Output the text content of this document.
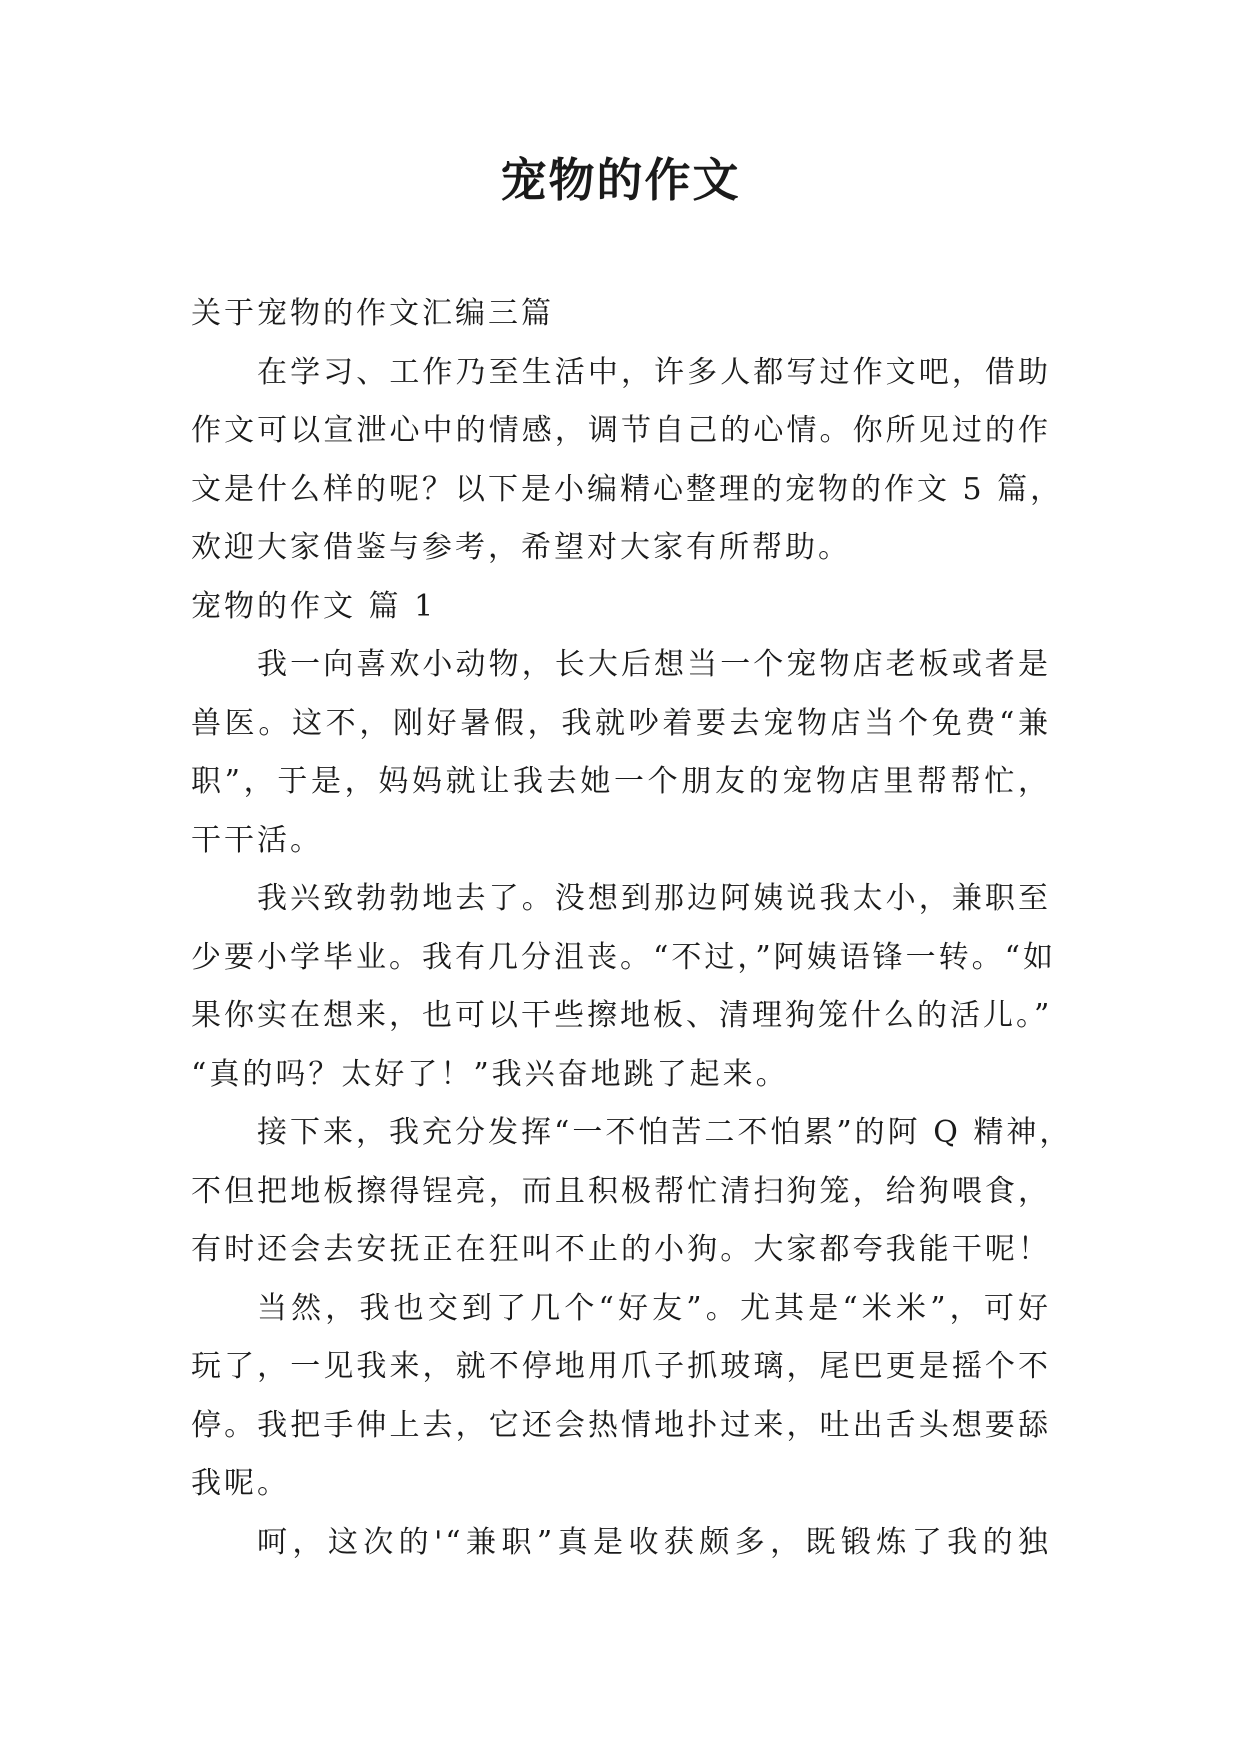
宠物的作文
关于宠物的作文汇编三篇
在学习、工作乃至生活中，许多人都写过作文吧，借助
作文可以宣泄心中的情感，调节自己的心情。你所见过的作
文是什么样的呢？以下是小编精心整理的宠物的作文 5 篇，
欢迎大家借鉴与参考，希望对大家有所帮助。
宠物的作文 篇 1
我一向喜欢小动物，长大后想当一个宠物店老板或者是
兽医。这不，刚好暑假，我就吵着要去宠物店当个免费“兼
职”，于是，妈妈就让我去她一个朋友的宠物店里帮帮忙，
干干活。
我兴致勃勃地去了。没想到那边阿姨说我太小，兼职至
少要小学毕业。我有几分沮丧。“不过，”阿姨语锋一转。“如
果你实在想来，也可以干些擦地板、清理狗笼什么的活儿。”
“真的吗？太好了！”我兴奋地跳了起来。
接下来，我充分发挥“一不怕苦二不怕累”的阿 Q 精神，
不但把地板擦得锃亮，而且积极帮忙清扫狗笼，给狗喂食，
有时还会去安抚正在狂叫不止的小狗。大家都夸我能干呢！
当然，我也交到了几个“好友”。尤其是“米米”，可好
玩了，一见我来，就不停地用爪子抓玻璃，尾巴更是摇个不
停。我把手伸上去，它还会热情地扑过来，吐出舌头想要舔
我呢。
呵，这次的'“兼职”真是收获颇多，既锻炼了我的独
